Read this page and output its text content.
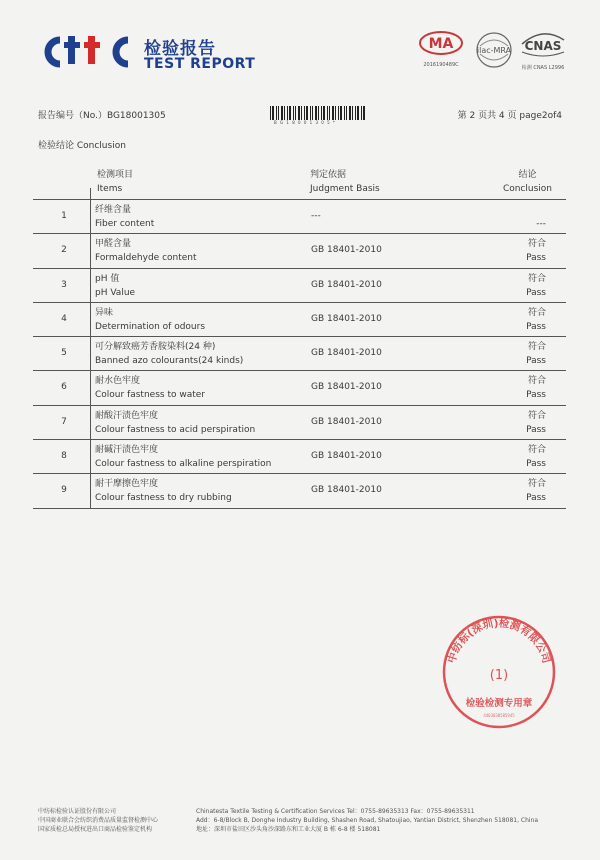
检验报告
TEST REPORT
MA
2016190489C
ilac-MRA CNAS
检测 CNAS L2996
报告编号（No.）BG18001305
B G 1 8 0 0 1 3 0 5 *
第 2 页共 4 页 page2of4
检验结论 Conclusion
检测项目
Items
判定依据
Judgment Basis
结论
Conclusion
1
纤维含量
Fiber content
---
---
2
甲醛含量
Formaldehyde content
GB 18401-2010
符合
Pass
3
pH 值
pH Value
GB 18401-2010
符合
Pass
4
异味
Determination of odours
GB 18401-2010
符合
Pass
5
可分解致癌芳香胺染料(24 种)
Banned azo colourants(24 kinds)
GB 18401-2010
符合
Pass
6
耐水色牢度
Colour fastness to water
GB 18401-2010
符合
Pass
7
耐酸汗渍色牢度
Colour fastness to acid perspiration
GB 18401-2010
符合
Pass
8
耐碱汗渍色牢度
Colour fastness to alkaline perspiration
GB 18401-2010
符合
Pass
9
耐干摩擦色牢度
Colour fastness to dry rubbing
GB 18401-2010
符合
Pass
中纺标(深圳)检测有限公司
(1)
检验检测专用章
4403030585945
中纺标检验认证股份有限公司
中国商业联合会纺织消费品质量监督检测中心
国家质检总局授权进出口商品检验鉴定机构
Chinatesta Textile Testing & Certification Services Tel：0755-89635313 Fax：0755-89635311
Add：6-8/Block B, Donghe Industry Building, Shashen Road, Shatoujiao, Yantian District, Shenzhen 518081, China
地址：深圳市盐田区沙头角沙深路东和工业大厦 B 栋 6-8 楼 518081
